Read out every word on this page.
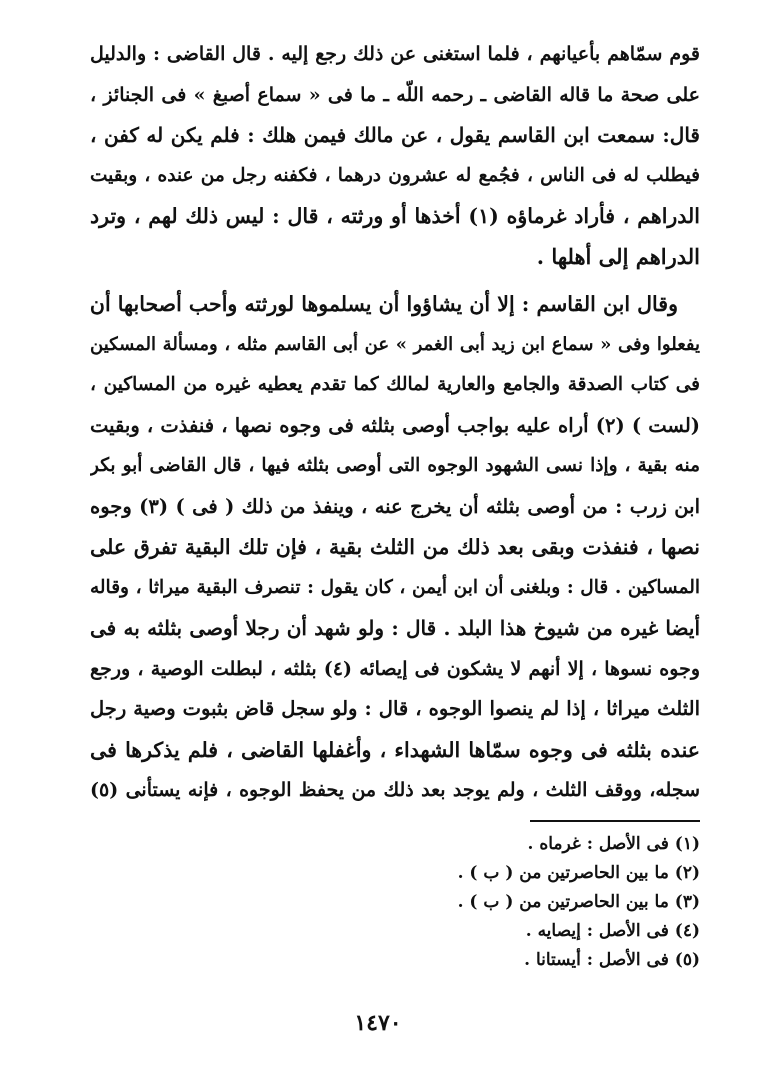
قوم سمّاهم بأعيانهم ، فلما استغنى عن ذلك رجع إليه . قال القاضى : والدليل
على صحة ما قاله القاضى ـ رحمه اللّه ـ ما فى « سماع أصبغ » فى الجنائز ،
قال: سمعت ابن القاسم يقول ، عن مالك فيمن هلك : فلم يكن له كفن ،
فيطلب له فى الناس ، فجُمع له عشرون درهما ، فكفنه رجل من عنده ، وبقيت
الدراهم ، فأراد غرماؤه (١) أخذها أو ورثته ، قال : ليس ذلك لهم ، وترد
الدراهم إلى أهلها .
وقال ابن القاسم : إلا أن يشاؤوا أن يسلموها لورثته وأحب أصحابها أن
يفعلوا وفى « سماع ابن زيد أبى الغمر » عن أبى القاسم مثله ، ومسألة المسكين
فى كتاب الصدقة والجامع والعارية لمالك كما تقدم يعطيه غيره من المساكين ،
(لست ) (٢) أراه عليه بواجب أوصى بثلثه فى وجوه نصها ، فنفذت ، وبقيت
منه بقية ، وإذا نسى الشهود الوجوه التى أوصى بثلثه فيها ، قال القاضى أبو بكر
ابن زرب : من أوصى بثلثه أن يخرج عنه ، وينفذ من ذلك ( فى ) (٣) وجوه
نصها ، فنفذت وبقى بعد ذلك من الثلث بقية ، فإن تلك البقية تفرق على
المساكين . قال : وبلغنى أن ابن أيمن ، كان يقول : تنصرف البقية ميراثا ، وقاله
أيضا غيره من شيوخ هذا البلد . قال : ولو شهد أن رجلا أوصى بثلثه به فى
وجوه نسوها ، إلا أنهم لا يشكون فى إيصائه (٤) بثلثه ، لبطلت الوصية ، ورجع
الثلث ميراثا ، إذا لم ينصوا الوجوه ، قال : ولو سجل قاض بثبوت وصية رجل
عنده بثلثه فى وجوه سمّاها الشهداء ، وأغفلها القاضى ، فلم يذكرها فى
سجله، ووقف الثلث ، ولم يوجد بعد ذلك من يحفظ الوجوه ، فإنه يستأنى (٥)
(١) فى الأصل : غرماه .
(٢) ما بين الحاصرتين من ( ب ) .
(٣) ما بين الحاصرتين من ( ب ) .
(٤) فى الأصل : إيصايه .
(٥) فى الأصل : أيستانا .
١٤٧٠
